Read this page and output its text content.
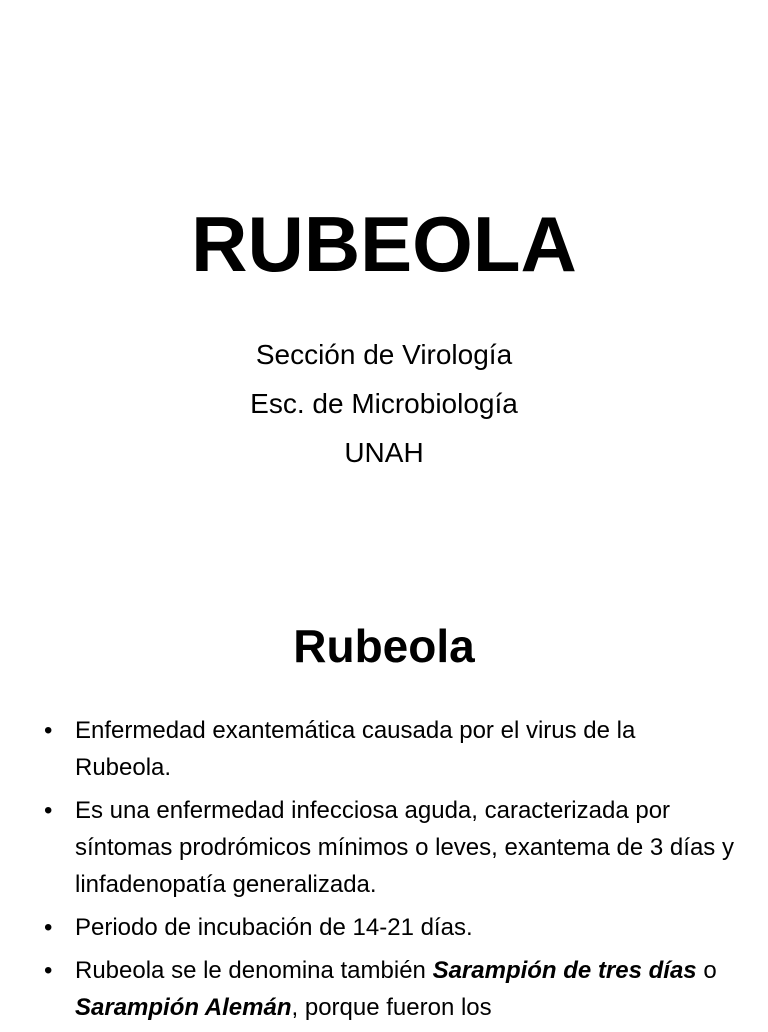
RUBEOLA
Sección de Virología
Esc. de Microbiología
UNAH
Rubeola
• Enfermedad exantemática causada por el virus de la Rubeola.
• Es una enfermedad infecciosa aguda, caracterizada por síntomas prodrómicos mínimos o leves, exantema de 3 días y linfadenopatía generalizada.
• Periodo de incubación de 14-21 días.
• Rubeola se le denomina también Sarampión de tres días o Sarampión Alemán, porque fueron los
